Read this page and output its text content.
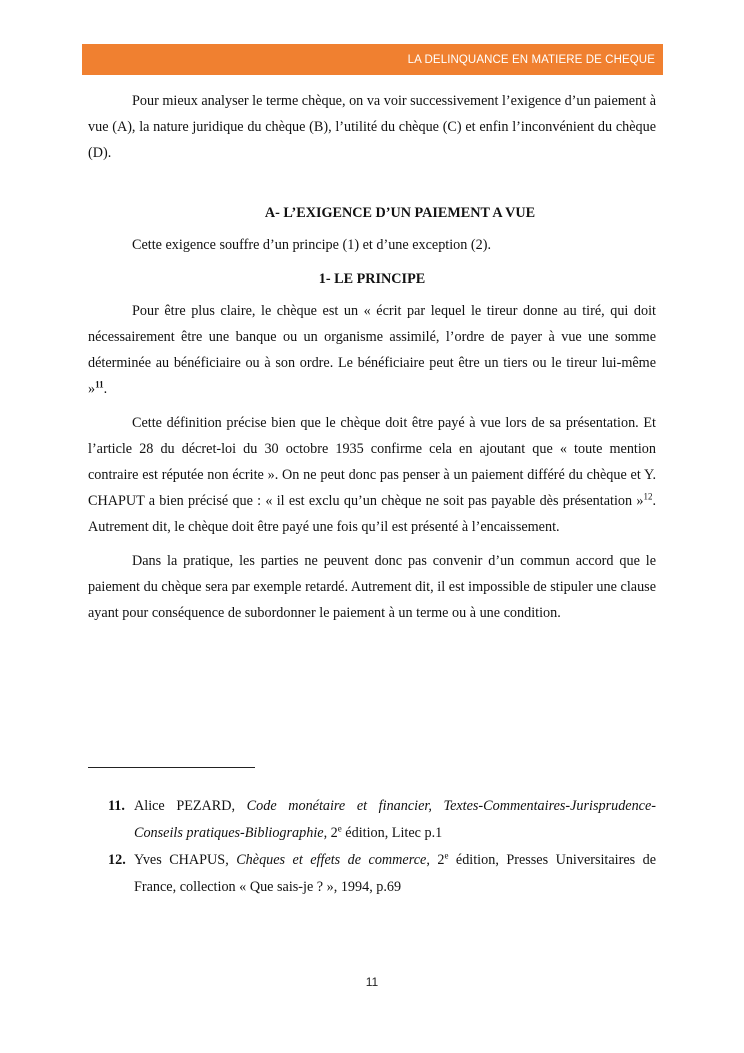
LA DELINQUANCE EN MATIERE DE CHEQUE

Pour mieux analyser le terme chèque, on va voir successivement l’exigence d’un paiement à vue (A), la nature juridique du chèque (B), l’utilité du chèque (C) et enfin l’inconvénient du chèque (D).

A- L’EXIGENCE D’UN PAIEMENT A VUE

Cette exigence souffre d’un principe (1) et d’une exception (2).

1- LE PRINCIPE

Pour être plus claire, le chèque est un « écrit par lequel le tireur donne au tiré, qui doit nécessairement être une banque ou un organisme assimilé, l’ordre de payer à vue une somme déterminée au bénéficiaire ou à son ordre. Le bénéficiaire peut être un tiers ou le tireur lui-même »$^{11}$.

Cette définition précise bien que le chèque doit être payé à vue lors de sa présentation. Et l’article 28 du décret-loi du 30 octobre 1935 confirme cela en ajoutant que « toute mention contraire est réputée non écrite ». On ne peut donc pas penser à un paiement différé du chèque et Y. CHAPUT a bien précisé que : « il est exclu qu’un chèque ne soit pas payable dès présentation »$^{12}$. Autrement dit, le chèque doit être payé une fois qu’il est présenté à l’encaissement.

Dans la pratique, les parties ne peuvent donc pas convenir d’un commun accord que le paiement du chèque sera par exemple retardé. Autrement dit, il est impossible de stipuler une clause ayant pour conséquence de subordonner le paiement à un terme ou à une condition.

11. Alice PEZARD, Code monétaire et financier, Textes-Commentaires-Jurisprudence-Conseils pratiques-Bibliographie, 2e édition, Litec p.1
12. Yves CHAPUS, Chèques et effets de commerce, 2e édition, Presses Universitaires de France, collection « Que sais-je ? », 1994, p.69
11
